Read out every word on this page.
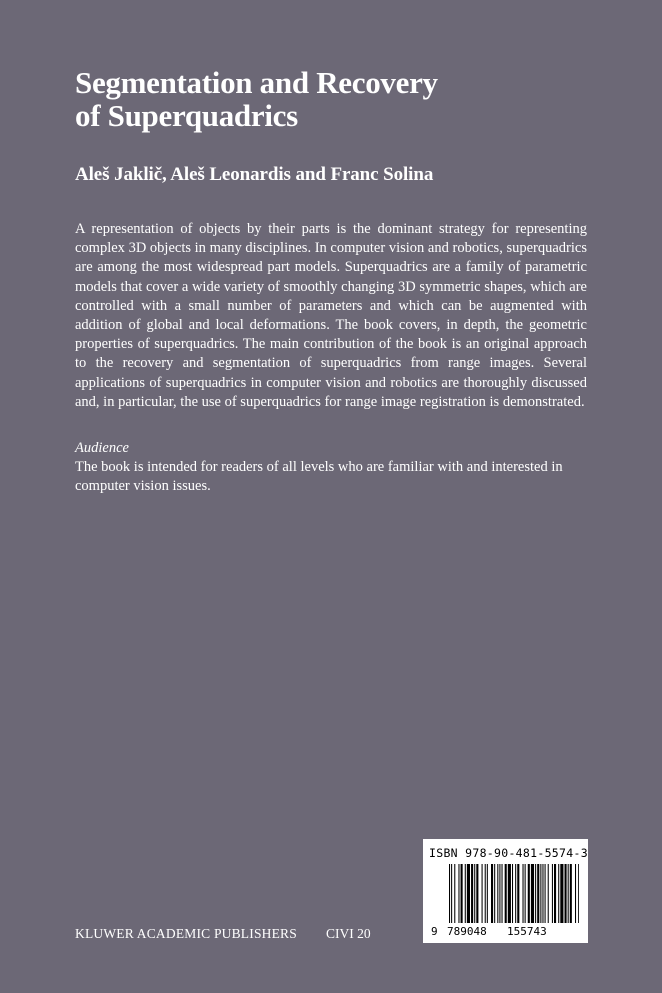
Segmentation and Recovery
of Superquadrics
Aleš Jaklič, Aleš Leonardis and Franc Solina

A representation of objects by their parts is the dominant strategy for representing complex 3D objects in many disciplines. In computer vision and robotics, superquadrics are among the most widespread part models. Superquadrics are a family of parametric models that cover a wide variety of smoothly changing 3D symmetric shapes, which are controlled with a small number of parameters and which can be augmented with addition of global and local deformations. The book covers, in depth, the geometric properties of superquadrics. The main contribution of the book is an original approach to the recovery and segmentation of superquadrics from range images. Several applications of superquadrics in computer vision and robotics are thoroughly discussed and, in particular, the use of superquadrics for range image registration is demonstrated.

Audience

The book is intended for readers of all levels who are familiar with and interested in computer vision issues.

KLUWER ACADEMIC PUBLISHERS CIVI 20
ISBN 978-90-481-5574-3
9 789048 155743
